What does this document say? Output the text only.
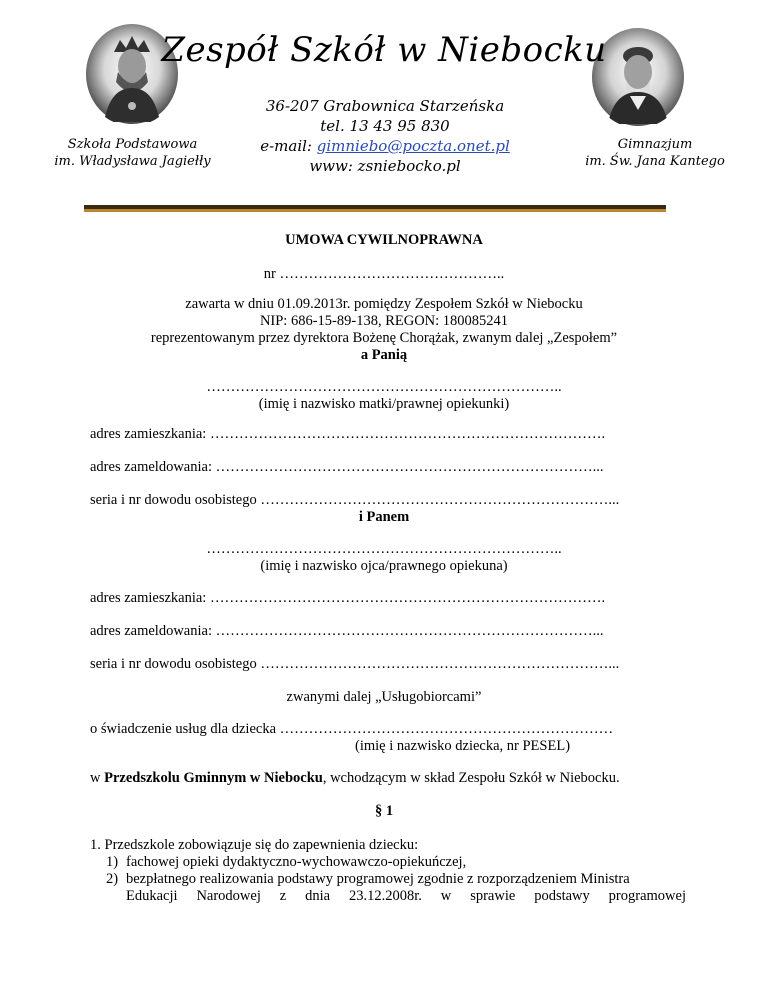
Zespół Szkół w Niebocku
Szkoła Podstawowa
im. Władysława Jagiełły
Gimnazjum
im. Św. Jana Kantego
36-207 Grabownica Starzeńska
tel. 13 43 95 830
e-mail: gimniebo@poczta.onet.pl
www: zsniebocko.pl
UMOWA CYWILNOPRAWNA
nr ………………………………………..
zawarta w dniu 01.09.2013r. pomiędzy Zespołem Szkół w Niebocku
NIP: 686-15-89-138, REGON: 180085241
reprezentowanym przez dyrektora Bożenę Chorążak, zwanym dalej „Zespołem”
a Panią
………………………………………………………………..
(imię i nazwisko matki/prawnej opiekunki)
adres zamieszkania: ……………………………………………………………………….
adres zameldowania: ……………………………………………………………………...
seria i nr dowodu osobistego ………………………………………………………………...
i Panem
………………………………………………………………..
(imię i nazwisko ojca/prawnego opiekuna)
adres zamieszkania: ……………………………………………………………………….
adres zameldowania: ……………………………………………………………………...
seria i nr dowodu osobistego ………………………………………………………………...
zwanymi dalej „Usługobiorcami”
o świadczenie usług dla dziecka ……………………………………………………………
(imię i nazwisko dziecka, nr PESEL)
w Przedszkolu Gminnym w Niebocku, wchodzącym w skład Zespołu Szkół w Niebocku.
§ 1
1. Przedszkole zobowiązuje się do zapewnienia dziecku:
1) fachowej opieki dydaktyczno-wychowawczo-opiekuńczej,
2) bezpłatnego realizowania podstawy programowej zgodnie z rozporządzeniem Ministra
Edukacji Narodowej z dnia 23.12.2008r. w sprawie podstawy programowej
